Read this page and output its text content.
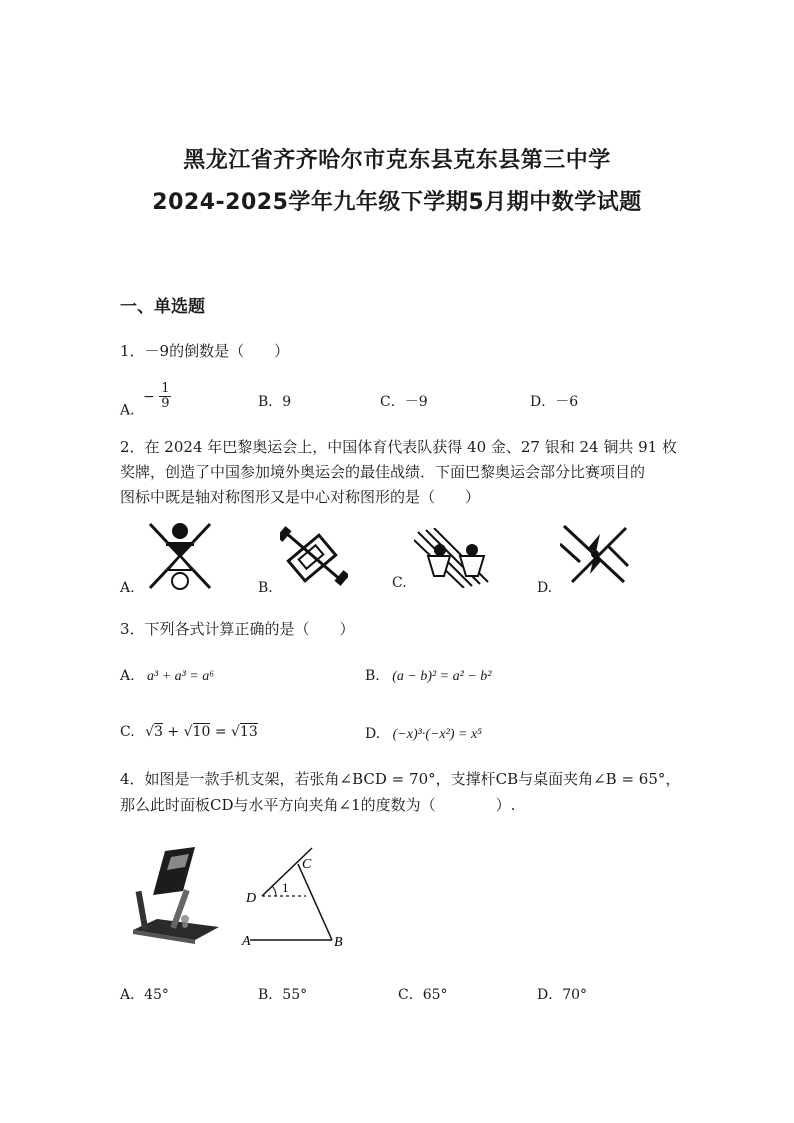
黑龙江省齐齐哈尔市克东县克东县第三中学
2024-2025学年九年级下学期5月期中数学试题
一、单选题
1．－9的倒数是（　　）
A. − $\frac{1}{9}$	B．9	C．－9	D．－6
2．在 2024 年巴黎奥运会上，中国体育代表队获得 40 金、27 银和 24 铜共 91 枚
奖牌，创造了中国参加境外奥运会的最佳战绩．下面巴黎奥运会部分比赛项目的
图标中既是轴对称图形又是中心对称图形的是（　　）
A.	B.	C.	D.
3．下列各式计算正确的是（　　）
A. a³ + a³ = a⁶	B. (a − b)² = a² − b²
C. √3 + √10 = √13	D. (−x)³·(−x²) = x⁵
4．如图是一款手机支架，若张角∠BCD = 70°，支撑杆CB与桌面夹角∠B = 65°，
那么此时面板CD与水平方向夹角∠1的度数为（　　　　）.
C
D
1
A	B
A．45°	B．55°	C．65°	D．70°
